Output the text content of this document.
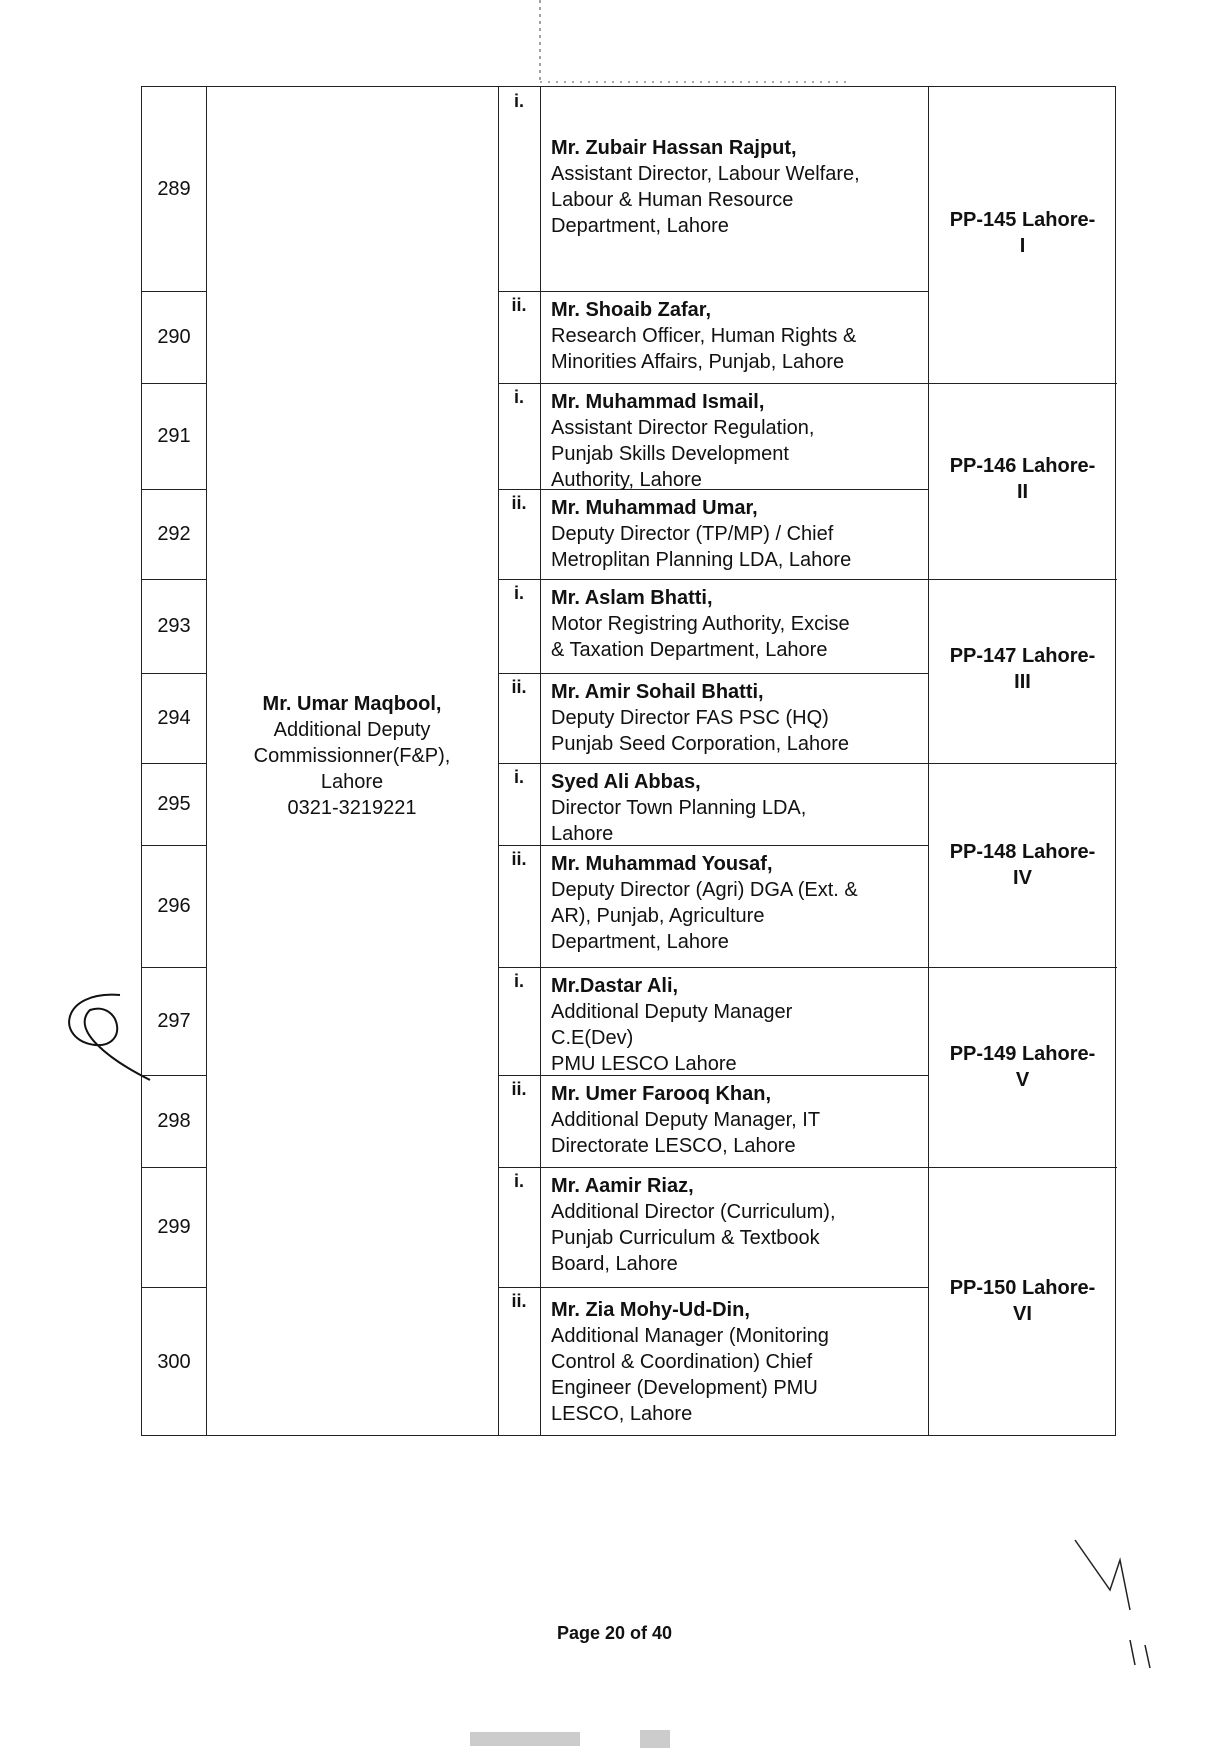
289
290
291
292
293
294
295
296
297
298
299
300
Mr. Umar Maqbool,
Additional Deputy
Commissionner(F&P),
Lahore
0321-3219221
i.
ii.
i.
ii.
i.
ii.
i.
ii.
i.
ii.
i.
ii.
Mr. Zubair Hassan Rajput,
Assistant Director, Labour Welfare,
Labour & Human Resource
Department, Lahore
Mr. Shoaib Zafar,
Research Officer, Human Rights &
Minorities Affairs, Punjab, Lahore
Mr. Muhammad Ismail,
Assistant Director Regulation,
Punjab Skills Development
Authority, Lahore
Mr. Muhammad Umar,
Deputy Director (TP/MP) / Chief
Metroplitan Planning LDA, Lahore
Mr. Aslam Bhatti,
Motor Registring Authority, Excise
& Taxation Department, Lahore
Mr. Amir Sohail Bhatti,
Deputy Director FAS PSC (HQ)
Punjab Seed Corporation, Lahore
Syed Ali Abbas,
Director Town Planning LDA,
Lahore
Mr. Muhammad Yousaf,
Deputy Director (Agri) DGA (Ext. &
AR), Punjab, Agriculture
Department, Lahore
Mr.Dastar Ali,
Additional Deputy Manager
C.E(Dev)
PMU LESCO Lahore
Mr. Umer Farooq Khan,
Additional Deputy Manager, IT
Directorate LESCO, Lahore
Mr. Aamir Riaz,
Additional Director (Curriculum),
Punjab Curriculum & Textbook
Board, Lahore
Mr. Zia Mohy-Ud-Din,
Additional Manager (Monitoring
Control & Coordination) Chief
Engineer (Development) PMU
LESCO, Lahore
PP-145 Lahore-
I
PP-146 Lahore-
II
PP-147 Lahore-
III
PP-148 Lahore-
IV
PP-149 Lahore-
V
PP-150 Lahore-
VI
Page 20 of 40
